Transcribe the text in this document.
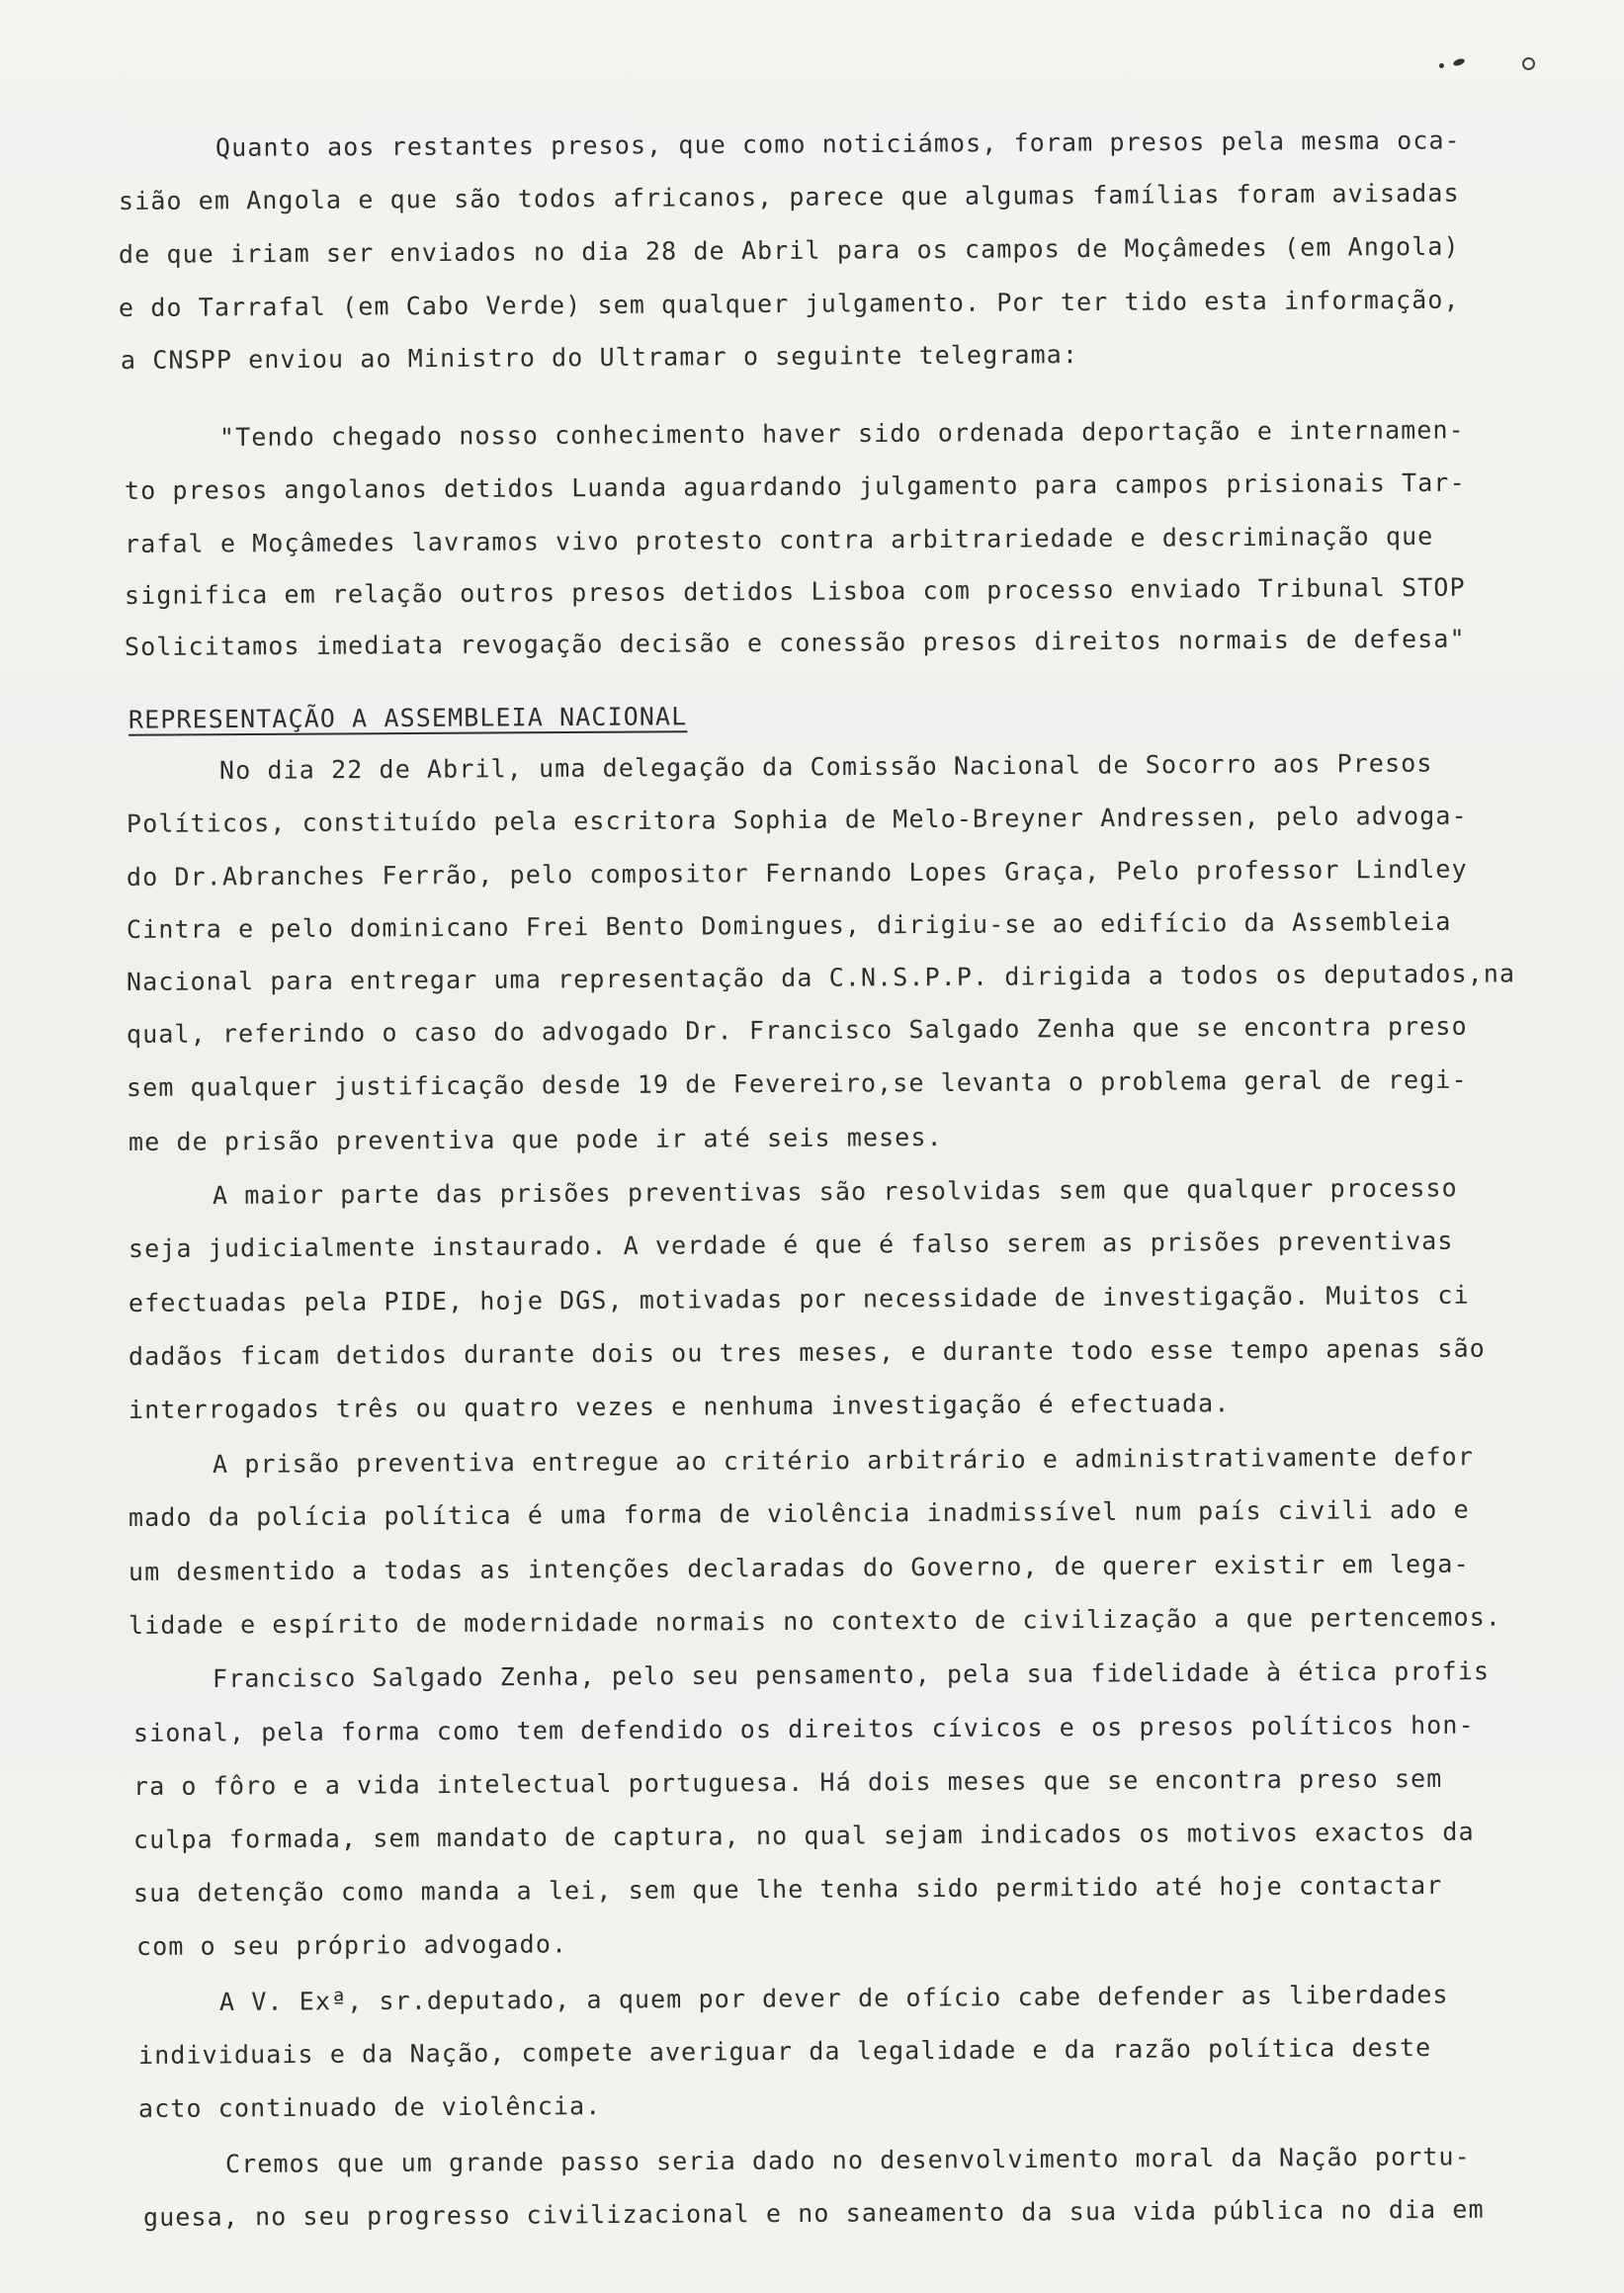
Quanto aos restantes presos, que como noticiámos, foram presos pela mesma oca-
sião em Angola e que são todos africanos, parece que algumas famílias foram avisadas
de que iriam ser enviados no dia 28 de Abril para os campos de Moçâmedes (em Angola)
e do Tarrafal (em Cabo Verde) sem qualquer julgamento. Por ter tido esta informação,
a CNSPP enviou ao Ministro do Ultramar o seguinte telegrama:
"Tendo chegado nosso conhecimento haver sido ordenada deportação e internamen-
to presos angolanos detidos Luanda aguardando julgamento para campos prisionais Tar-
rafal e Moçâmedes lavramos vivo protesto contra arbitrariedade e descriminação que
significa em relação outros presos detidos Lisboa com processo enviado Tribunal STOP
Solicitamos imediata revogação decisão e conessão presos direitos normais de defesa"
REPRESENTAÇÃO A ASSEMBLEIA NACIONAL
No dia 22 de Abril, uma delegação da Comissão Nacional de Socorro aos Presos
Políticos, constituído pela escritora Sophia de Melo-Breyner Andressen, pelo advoga-
do Dr.Abranches Ferrão, pelo compositor Fernando Lopes Graça, Pelo professor Lindley
Cintra e pelo dominicano Frei Bento Domingues, dirigiu-se ao edifício da Assembleia
Nacional para entregar uma representação da C.N.S.P.P. dirigida a todos os deputados,na
qual, referindo o caso do advogado Dr. Francisco Salgado Zenha que se encontra preso
sem qualquer justificação desde 19 de Fevereiro,se levanta o problema geral de regi-
me de prisão preventiva que pode ir até seis meses.
A maior parte das prisões preventivas são resolvidas sem que qualquer processo
seja judicialmente instaurado. A verdade é que é falso serem as prisões preventivas
efectuadas pela PIDE, hoje DGS, motivadas por necessidade de investigação. Muitos ci
dadãos ficam detidos durante dois ou tres meses, e durante todo esse tempo apenas são
interrogados três ou quatro vezes e nenhuma investigação é efectuada.
A prisão preventiva entregue ao critério arbitrário e administrativamente defor
mado da polícia política é uma forma de violência inadmissível num país civili ado e
um desmentido a todas as intenções declaradas do Governo, de querer existir em lega-
lidade e espírito de modernidade normais no contexto de civilização a que pertencemos.
Francisco Salgado Zenha, pelo seu pensamento, pela sua fidelidade à ética profis
sional, pela forma como tem defendido os direitos cívicos e os presos políticos hon-
ra o fôro e a vida intelectual portuguesa. Há dois meses que se encontra preso sem
culpa formada, sem mandato de captura, no qual sejam indicados os motivos exactos da
sua detenção como manda a lei, sem que lhe tenha sido permitido até hoje contactar
com o seu próprio advogado.
A V. Exª, sr.deputado, a quem por dever de ofício cabe defender as liberdades
individuais e da Nação, compete averiguar da legalidade e da razão política deste
acto continuado de violência.
Cremos que um grande passo seria dado no desenvolvimento moral da Nação portu-
guesa, no seu progresso civilizacional e no saneamento da sua vida pública no dia em
